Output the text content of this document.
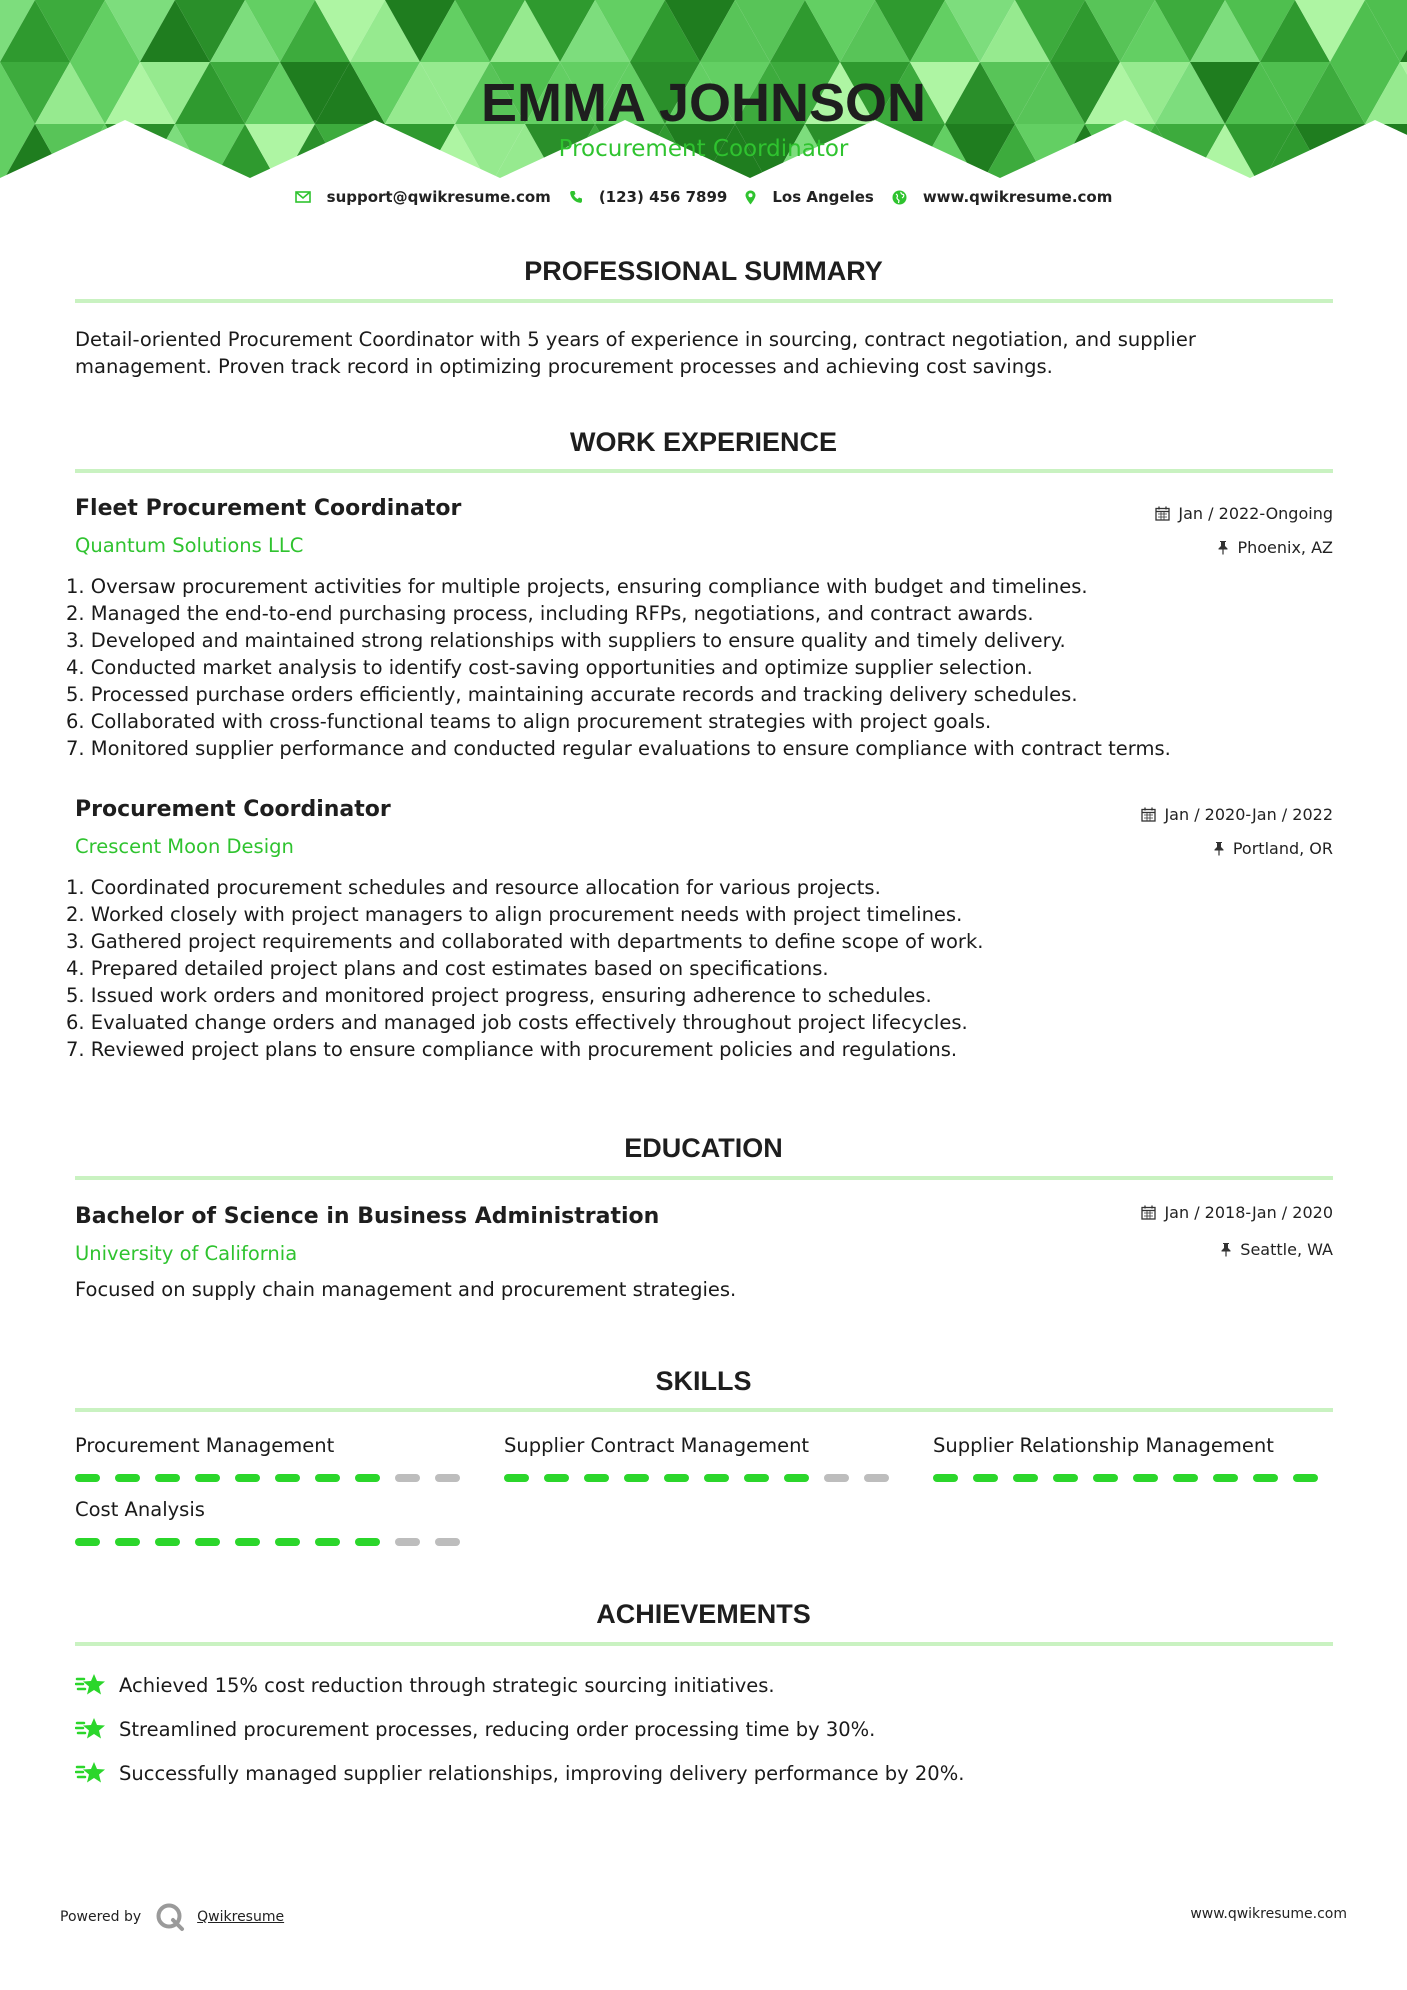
EMMA JOHNSON

Procurement Coordinator

support@qwikresume.com	(123) 456 7899	Los Angeles	www.qwikresume.com
PROFESSIONAL SUMMARY

Detail-oriented Procurement Coordinator with 5 years of experience in sourcing, contract negotiation, and supplier management. Proven track record in optimizing procurement processes and achieving cost savings.

WORK EXPERIENCE

Fleet Procurement Coordinator

Quantum Solutions LLC

Jan / 2022-Ongoing
Phoenix, AZ
1. Oversaw procurement activities for multiple projects, ensuring compliance with budget and timelines.
2. Managed the end-to-end purchasing process, including RFPs, negotiations, and contract awards.
3. Developed and maintained strong relationships with suppliers to ensure quality and timely delivery.
4. Conducted market analysis to identify cost-saving opportunities and optimize supplier selection.
5. Processed purchase orders efficiently, maintaining accurate records and tracking delivery schedules.
6. Collaborated with cross-functional teams to align procurement strategies with project goals.
7. Monitored supplier performance and conducted regular evaluations to ensure compliance with contract terms.

Procurement Coordinator

Crescent Moon Design

Jan / 2020-Jan / 2022
Portland, OR
1. Coordinated procurement schedules and resource allocation for various projects.
2. Worked closely with project managers to align procurement needs with project timelines.
3. Gathered project requirements and collaborated with departments to define scope of work.
4. Prepared detailed project plans and cost estimates based on specifications.
5. Issued work orders and monitored project progress, ensuring adherence to schedules.
6. Evaluated change orders and managed job costs effectively throughout project lifecycles.
7. Reviewed project plans to ensure compliance with procurement policies and regulations.
EDUCATION

Bachelor of Science in Business Administration

University of California

Jan / 2018-Jan / 2020
Seattle, WA

Focused on supply chain management and procurement strategies.

SKILLS

Procurement Management	Supplier Contract Management	Supplier Relationship Management

Cost Analysis

ACHIEVEMENTS
Achieved 15% cost reduction through strategic sourcing initiatives.
Streamlined procurement processes, reducing order processing time by 30%.
Successfully managed supplier relationships, improving delivery performance by 20%.
Powered by	Qwikresume	www.qwikresume.com
